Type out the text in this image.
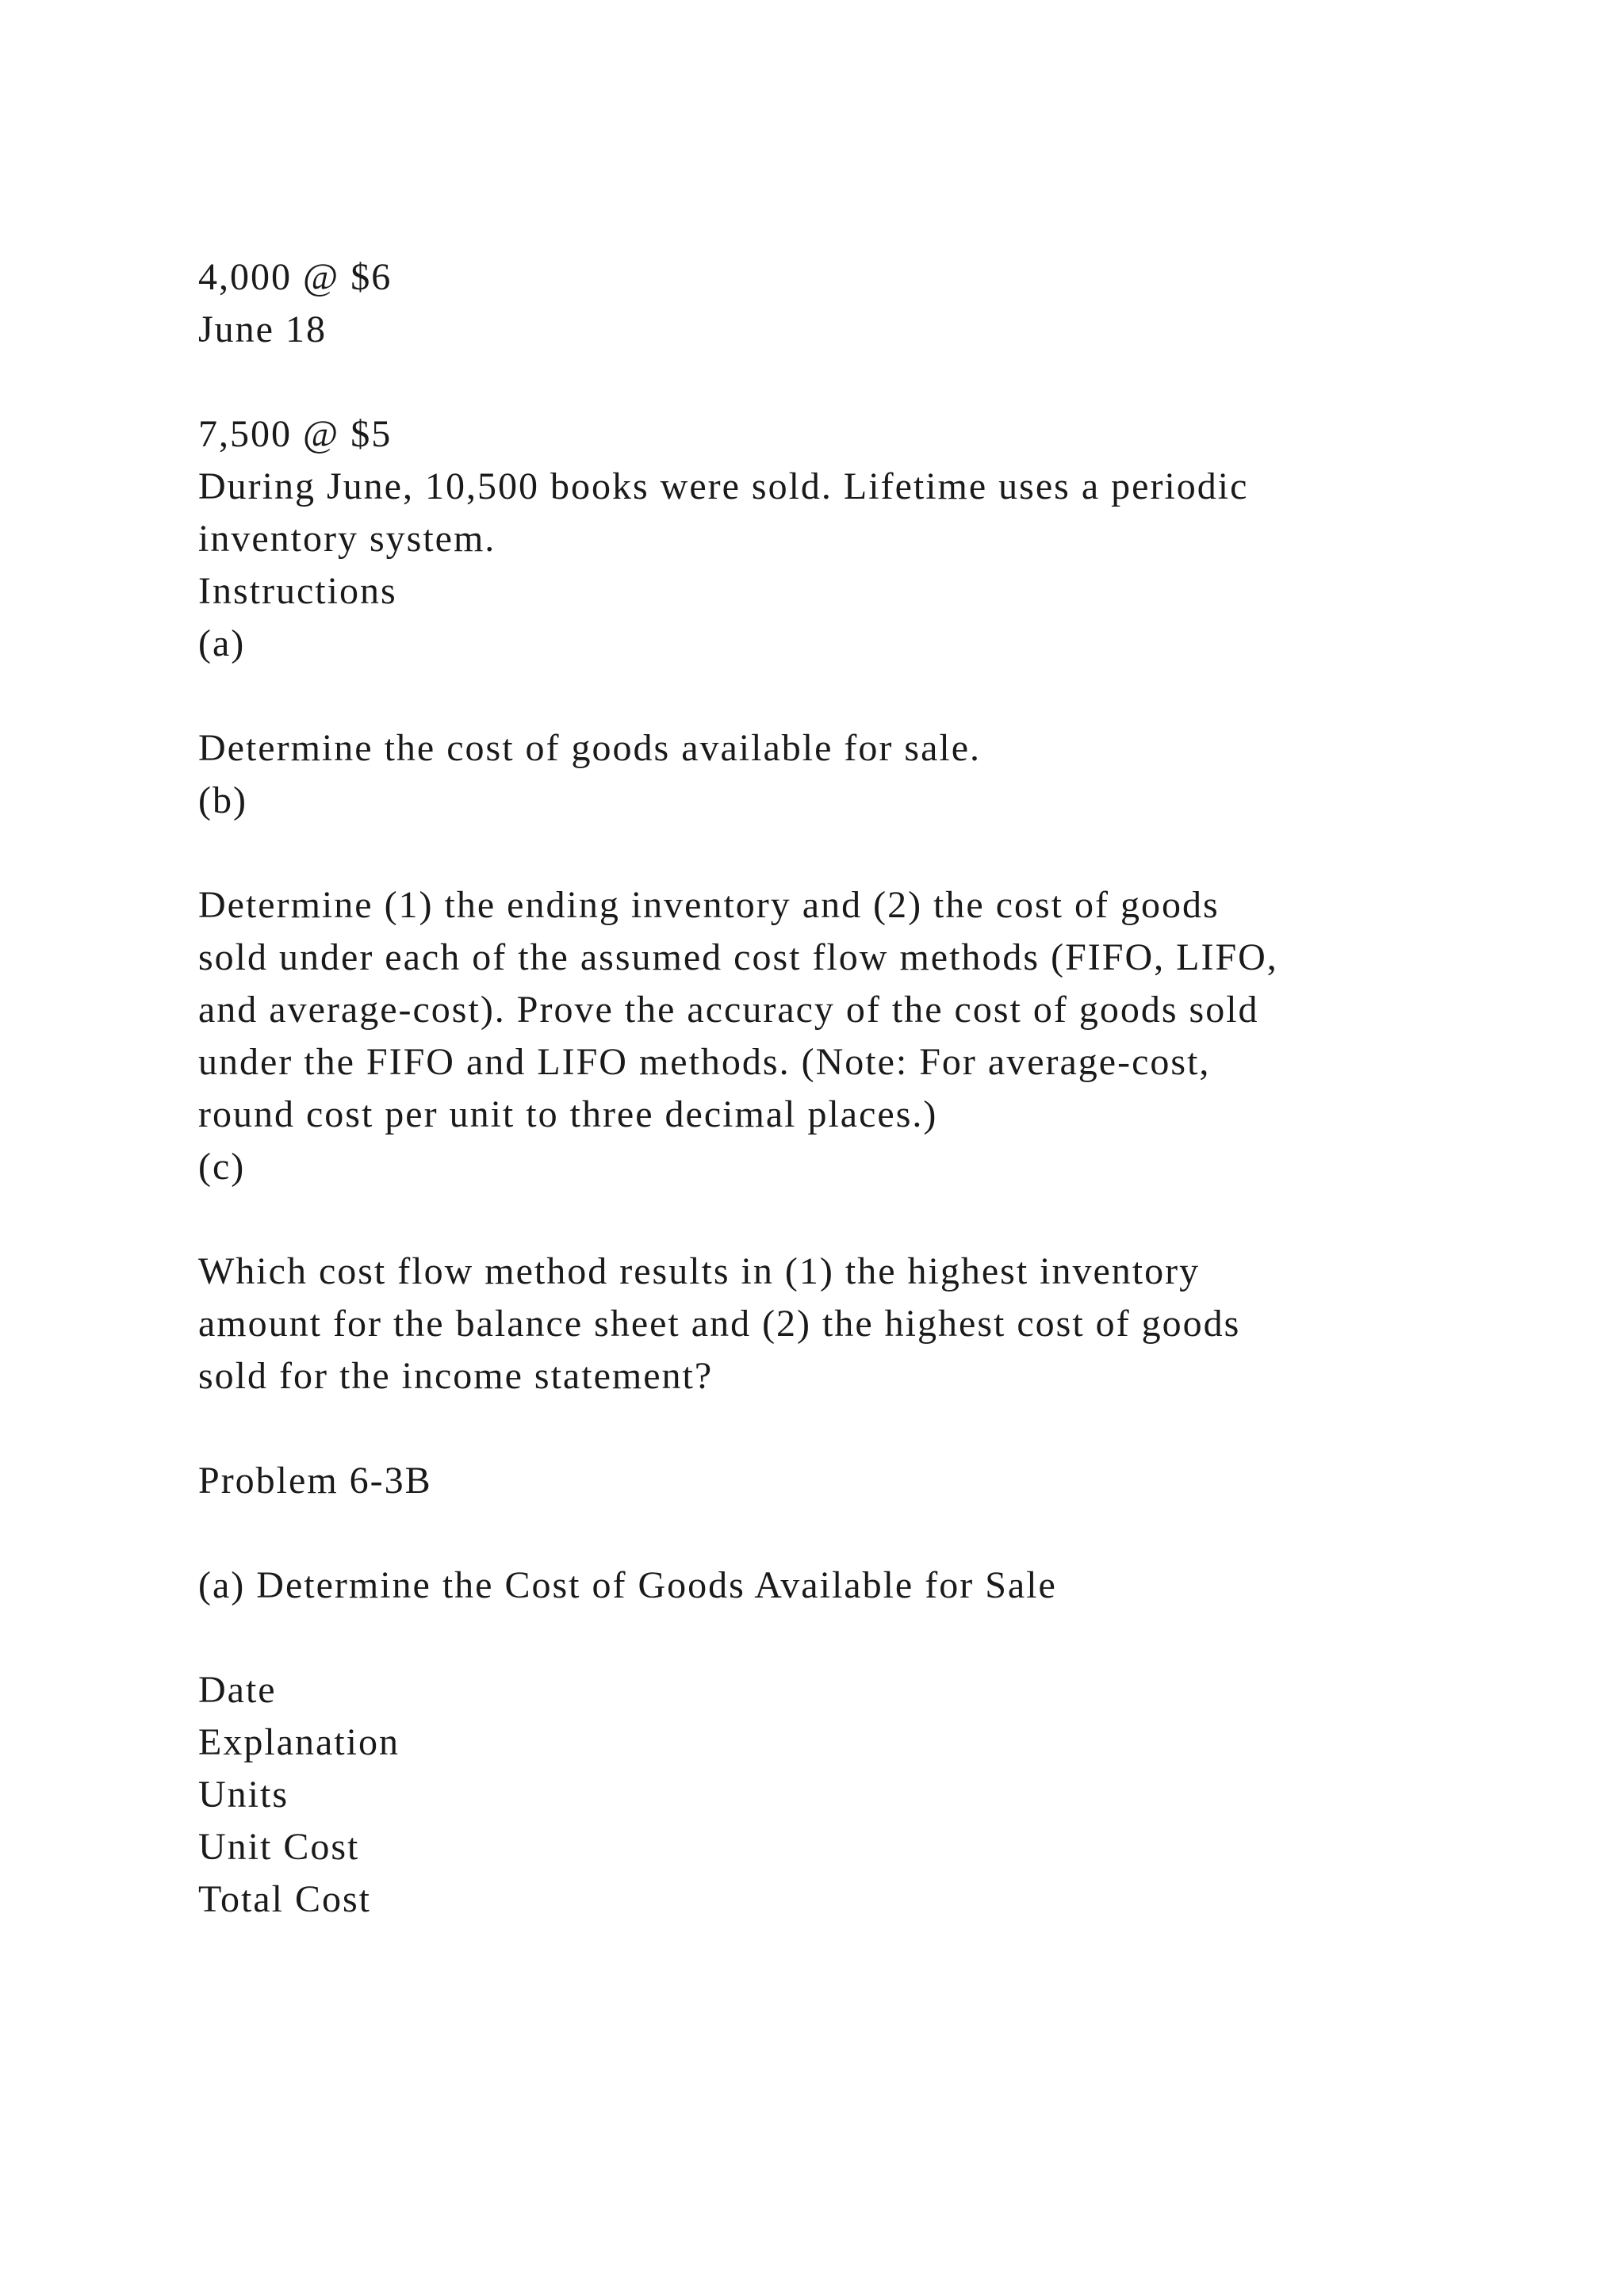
4,000 @ $6
June 18
7,500 @ $5
During June, 10,500 books were sold. Lifetime uses a periodic
inventory system.
Instructions
(a)
Determine the cost of goods available for sale.
(b)
Determine (1) the ending inventory and (2) the cost of goods
sold under each of the assumed cost flow methods (FIFO, LIFO,
and average-cost). Prove the accuracy of the cost of goods sold
under the FIFO and LIFO methods. (Note: For average-cost,
round cost per unit to three decimal places.)
(c)
Which cost flow method results in (1) the highest inventory
amount for the balance sheet and (2) the highest cost of goods
sold for the income statement?
Problem 6-3B
(a) Determine the Cost of Goods Available for Sale
Date
Explanation
Units
Unit Cost
Total Cost
